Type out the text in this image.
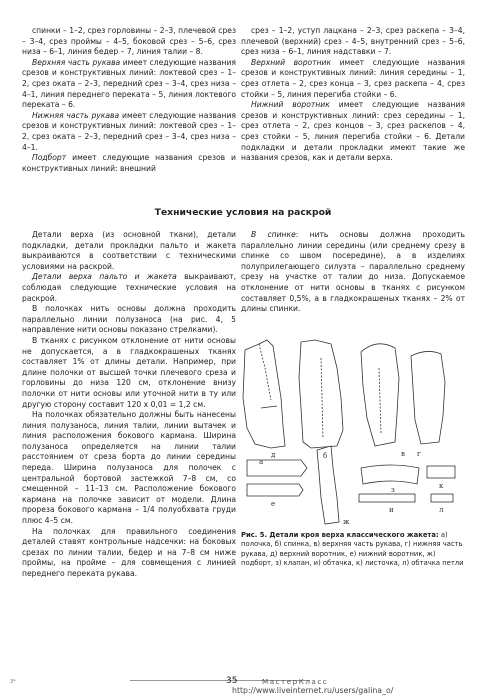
спинки – 1–2, срез горловины – 2–3, плечевой срез – 3–4, срез проймы – 4–5, боковой срез – 5–6, срез низа – 6–1, линия бедер – 7, линия талии – 8.

Верхняя часть рукава имеет следующие названия срезов и конструктивных линий: локтевой срез – 1–2, срез оката – 2–3, передний срез – 3–4, срез низа – 4–1, линия переднего переката – 5, линия локтевого переката – 6.

Нижняя часть рукава имеет следующие названия срезов и конструктивных линий: локтевой срез – 1–2, срез оката – 2–3, передний срез – 3–4, срез низа – 4–1.

Подборт имеет следующие названия срезов и конструктивных линий: внешний

срез – 1–2, уступ лацкана – 2–3, срез раскепа – 3–4, плечевой (верхний) срез – 4–5, внутренний срез – 5–6, срез низа – 6–1, линия надставки – 7.

Верхний воротник имеет следующие названия срезов и конструктивных линий: линия середины – 1, срез отлета – 2, срез конца – 3, срез раскепа – 4, срез стойки – 5, линия перегиба стойки – 6.

Нижний воротник имеет следующие названия срезов и конструктивных линий: срез середины – 1, срез отлета – 2, срез концов – 3, срез раскепов – 4, срез стойки – 5, линия перегиба стойки – 6. Детали подкладки и детали прокладки имеют такие же названия срезов, как и детали верха.

Технические условия на раскрой

Детали верха (из основной ткани), детали подкладки, детали прокладки пальто и жакета выкраиваются в соответствии с техническими условиями на раскрой.

Детали верха пальто и жакета выкраивают, соблюдая следующие технические условия на раскрой.

В полочках нить основы должна проходить параллельно линии полузаноса (на рис. 4, 5 направление нити основы показано стрелками).

В тканях с рисунком отклонение от нити основы не допускается, а в гладкокрашеных тканях составляет 1% от длины детали. Например, при длине полочки от высшей точки плечевого среза и горловины до низа 120 см, отклонение внизу полочки от нити основы или уточной нити в ту или другую сторону составит 120 х 0,01 = 1,2 см.

На полочках обязательно должны быть нанесены линия полузаноса, линия талии, линии вытачек и линия расположения бокового кармана. Ширина полузаноса определяется на линии талии расстоянием от среза борта до линии середины переда. Ширина полузаноса для полочек с центральной бортовой застежкой 7–8 см, со смещенной – 11–13 см. Расположение бокового кармана на полочке зависит от модели. Длина прореза бокового кармана – 1/4 полуобхвата груди плюс 4–5 см.

На полочках для правильного соединения деталей ставят контрольные надсечки: на боковых срезах по линии талии, бедер и на 7–8 см ниже проймы, на пройме – для совмещения с линией переднего переката рукава.

В спинке: нить основы должна проходить параллельно линии середины (или среднему срезу в спинке со швом посередине), а в изделиях полуприлегающего силуэта – параллельно среднему срезу на участке от талии до низа. Допускаемое отклонение от нити основы в тканях с рисунком составляет 0,5%, а в гладкокрашеных тканях – 2% от длины спинки.

а
б	в г
д
е
ж
з
и
к
л
Рис. 5. Детали кроя верха классического жакета: а) полочка, б) спинка, в) верхняя часть рукава, г) нижняя часть рукава, д) верхний воротник, е) нижний воротник, ж) подборт, з) клапан, и) обтачка, к) листочка, л) обтачка петли
35	МастерКласс
3*
http://www.liveinternet.ru/users/galina_o/
